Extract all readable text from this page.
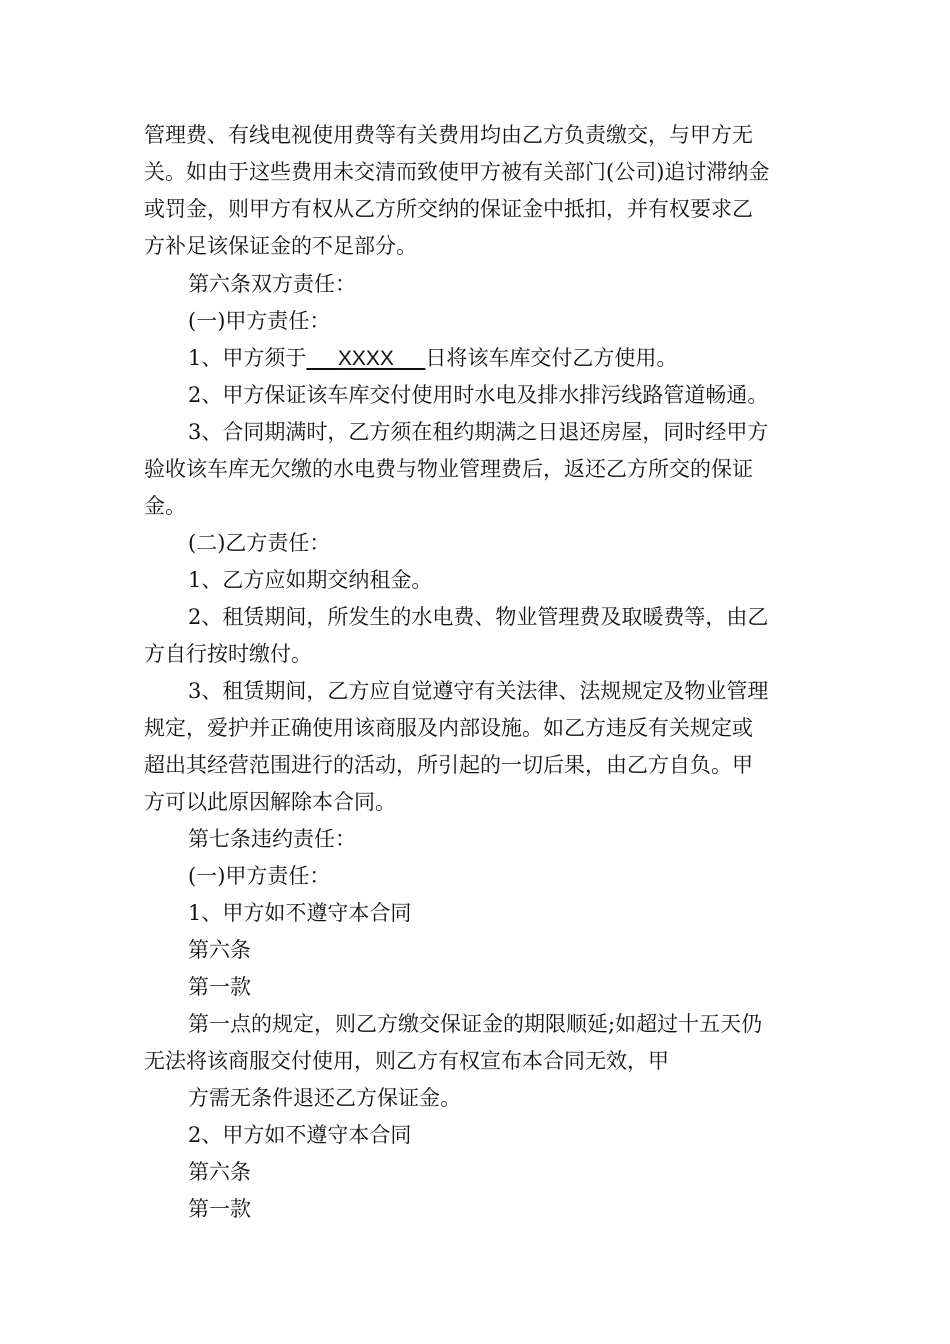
管理费、有线电视使用费等有关费用均由乙方负责缴交，与甲方无
关。如由于这些费用未交清而致使甲方被有关部门(公司)追讨滞纳金
或罚金，则甲方有权从乙方所交纳的保证金中抵扣，并有权要求乙
方补足该保证金的不足部分。
第六条双方责任：
(一)甲方责任：
1、甲方须于___XXXX___日将该车库交付乙方使用。
2、甲方保证该车库交付使用时水电及排水排污线路管道畅通。
3、合同期满时，乙方须在租约期满之日退还房屋，同时经甲方
验收该车库无欠缴的水电费与物业管理费后，返还乙方所交的保证
金。
(二)乙方责任：
1、乙方应如期交纳租金。
2、租赁期间，所发生的水电费、物业管理费及取暖费等，由乙
方自行按时缴付。
3、租赁期间，乙方应自觉遵守有关法律、法规规定及物业管理
规定，爱护并正确使用该商服及内部设施。如乙方违反有关规定或
超出其经营范围进行的活动，所引起的一切后果，由乙方自负。甲
方可以此原因解除本合同。
第七条违约责任：
(一)甲方责任：
1、甲方如不遵守本合同
第六条
第一款
第一点的规定，则乙方缴交保证金的期限顺延;如超过十五天仍
无法将该商服交付使用，则乙方有权宣布本合同无效，甲
方需无条件退还乙方保证金。
2、甲方如不遵守本合同
第六条
第一款
